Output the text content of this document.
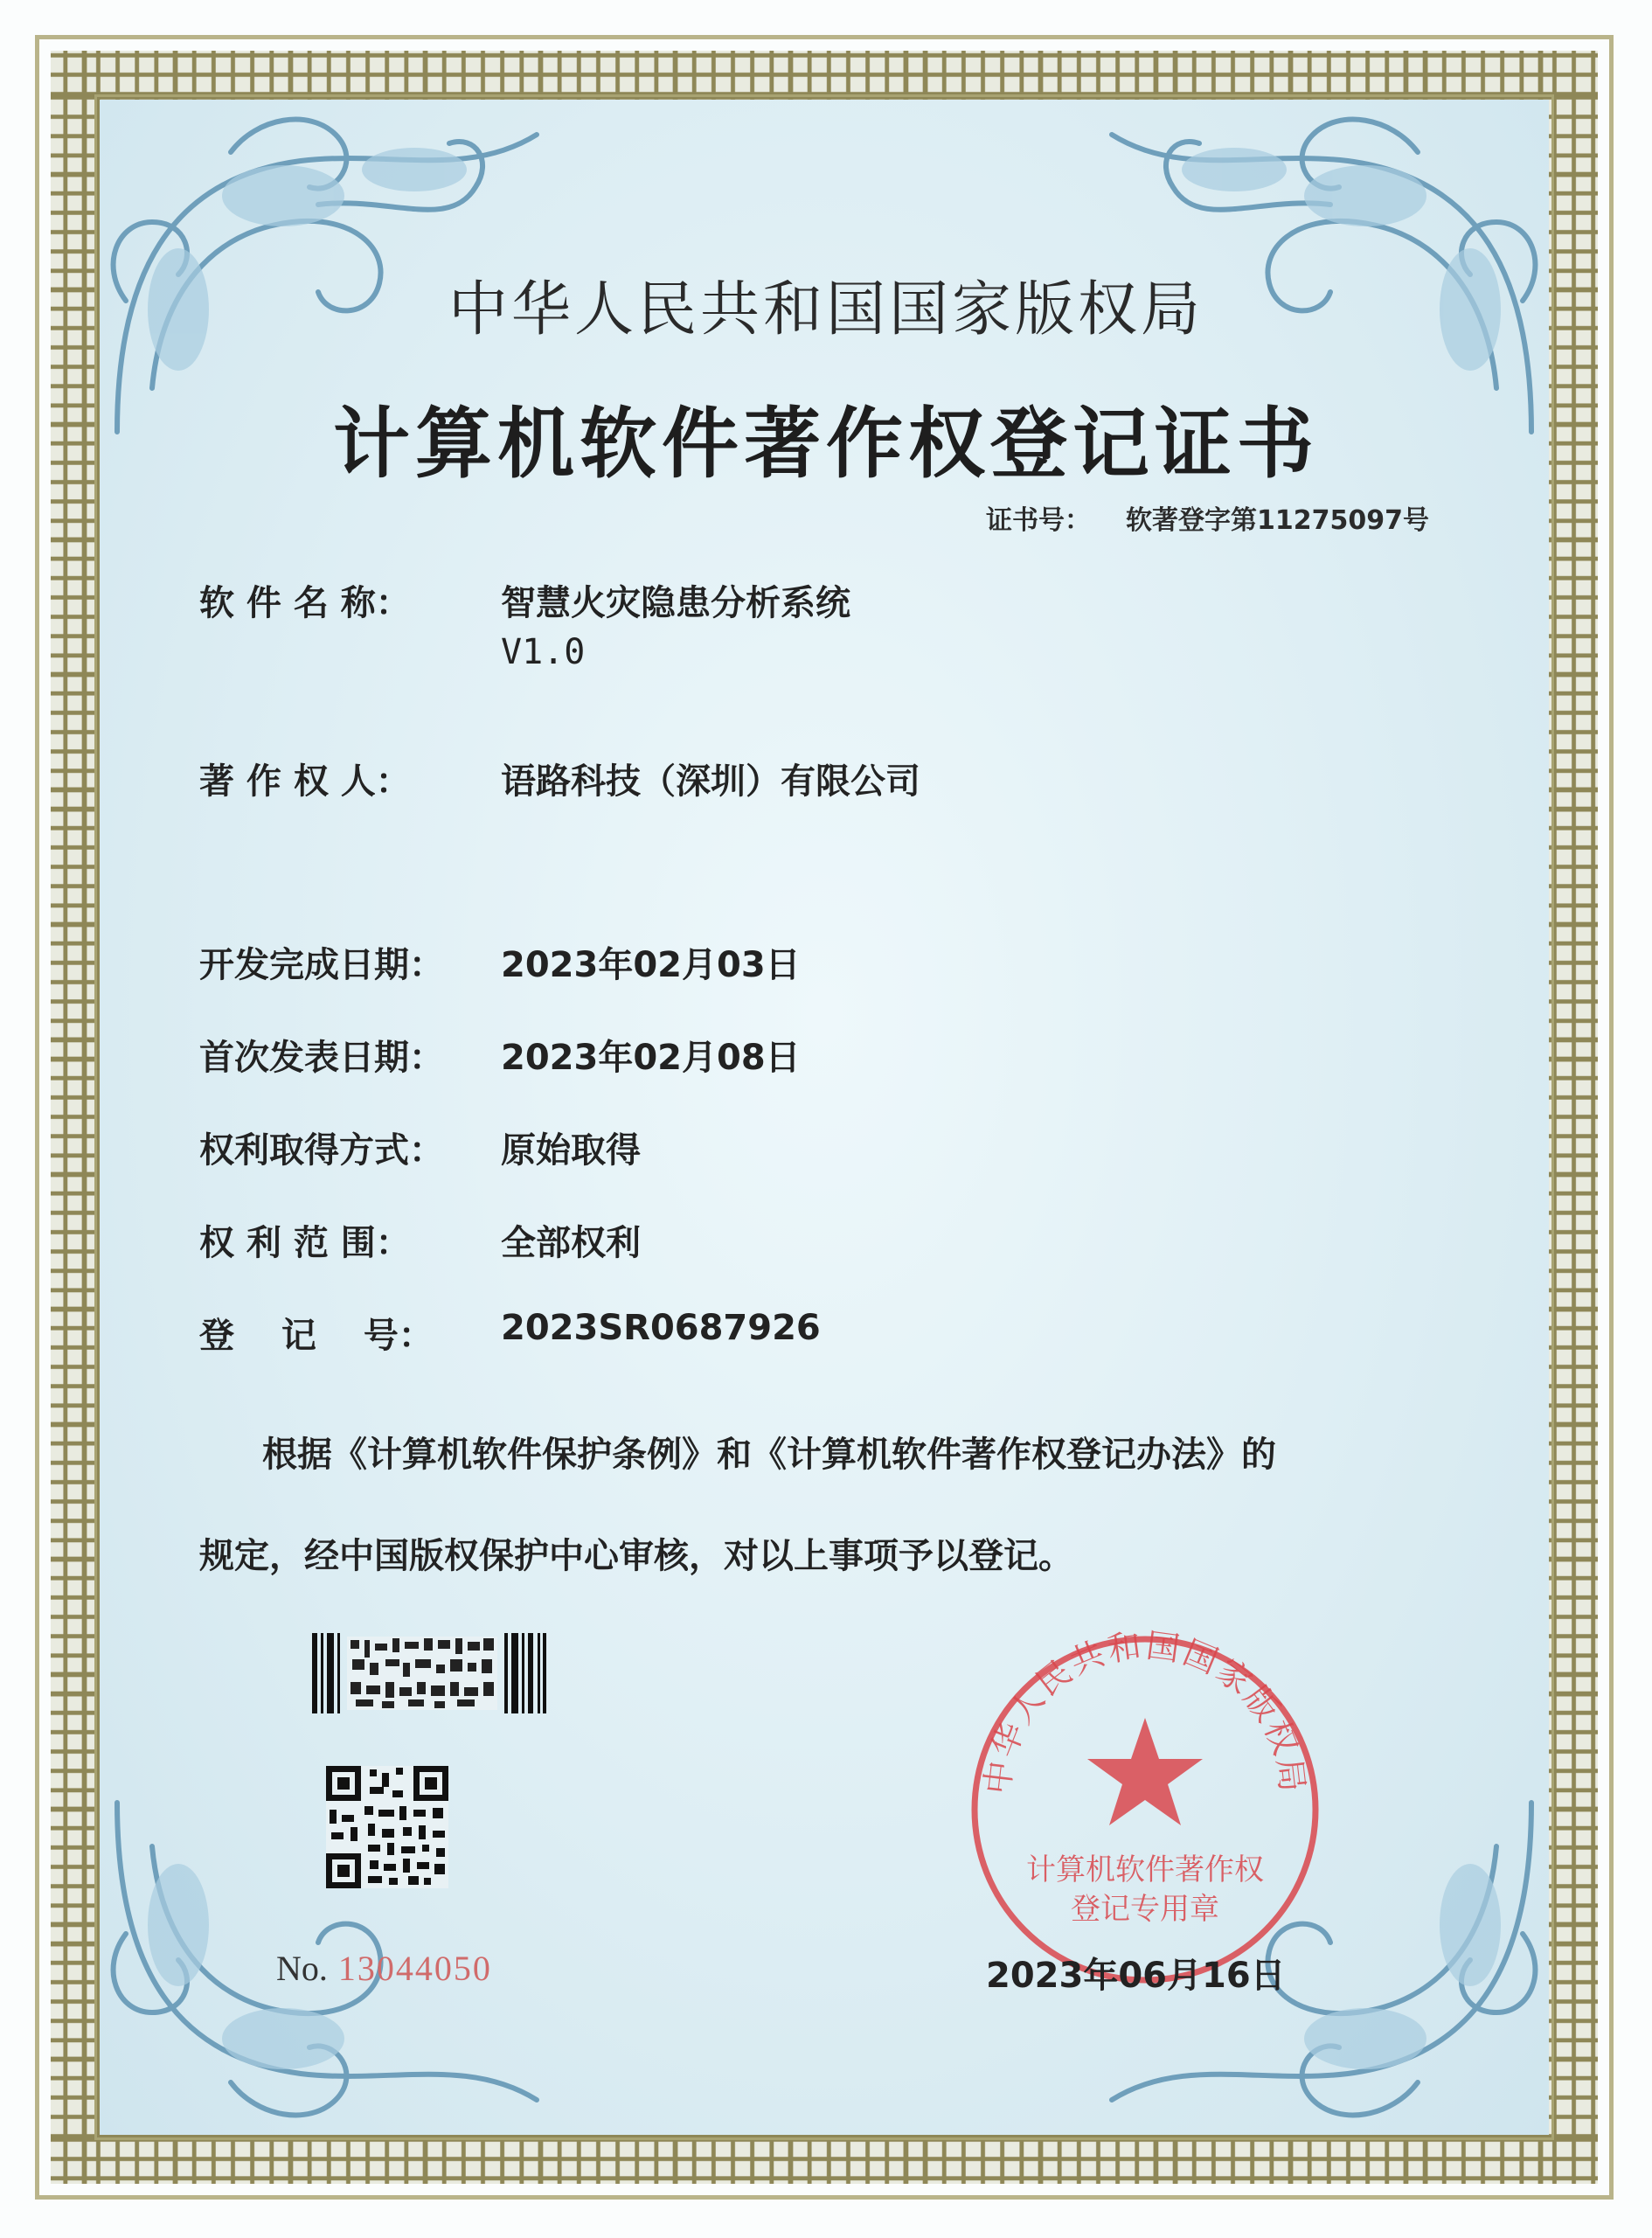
中华人民共和国国家版权局
计算机软件著作权登记证书
证书号： 软著登字第11275097号
软 件 名 称：	智慧火灾隐患分析系统
V1.0
著 作 权 人：	语路科技（深圳）有限公司
开发完成日期： 2023年02月03日
首次发表日期： 2023年02月08日
权利取得方式： 原始取得
权 利 范 围：	全部权利
登　 记　 号： 2023SR0687926
根据《计算机软件保护条例》和《计算机软件著作权登记办法》的
规定，经中国版权保护中心审核，对以上事项予以登记。
No. 13044050
中华人民共和国国家版权局
计算机软件著作权
登记专用章
2023年06月16日
